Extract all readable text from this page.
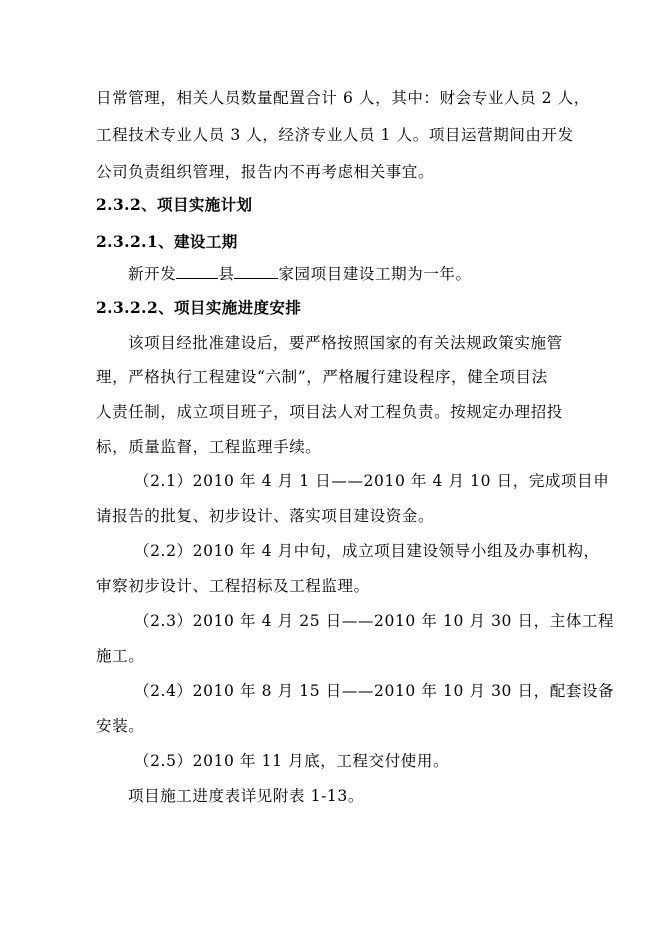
日常管理，相关人员数量配置合计 6 人，其中：财会专业人员 2 人，
工程技术专业人员 3 人，经济专业人员 1 人。项目运营期间由开发
公司负责组织管理，报告内不再考虑相关事宜。
2.3.2、项目实施计划
2.3.2.1、建设工期
新开发	县	家园项目建设工期为一年。
2.3.2.2、项目实施进度安排
该项目经批准建设后，要严格按照国家的有关法规政策实施管
理，严格执行工程建设“六制”，严格履行建设程序，健全项目法
人责任制，成立项目班子，项目法人对工程负责。按规定办理招投
标，质量监督，工程监理手续。
（2.1）2010 年 4 月 1 日——2010 年 4 月 10 日，完成项目申
请报告的批复、初步设计、落实项目建设资金。
（2.2）2010 年 4 月中旬，成立项目建设领导小组及办事机构，
审察初步设计、工程招标及工程监理。
（2.3）2010 年 4 月 25 日——2010 年 10 月 30 日，主体工程
施工。
（2.4）2010 年 8 月 15 日——2010 年 10 月 30 日，配套设备
安装。
（2.5）2010 年 11 月底，工程交付使用。
项目施工进度表详见附表 1-13。
